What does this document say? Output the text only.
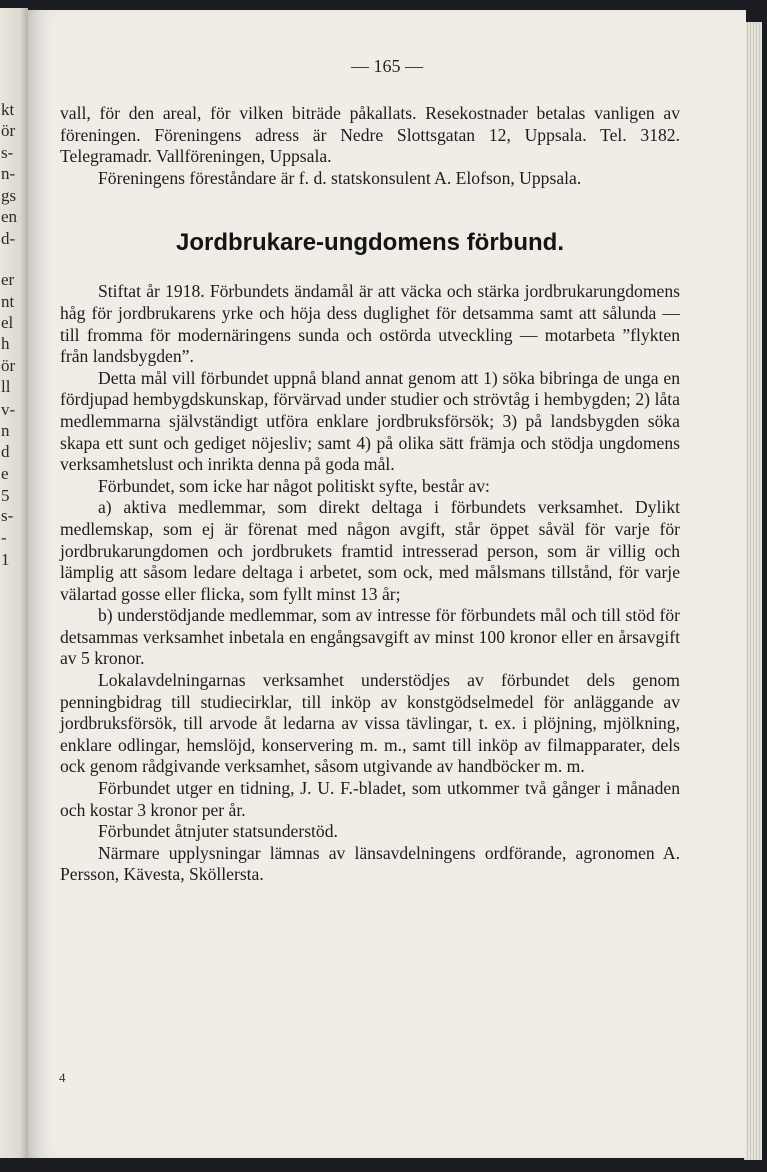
kt
ör
s-
n-
gs
en
d-
er
nt
el
h
ör
ll
v-
n
d
e
5
s-
-
1
— 165 —

vall, för den areal, för vilken biträde påkallats. Resekostnader betalas vanligen av föreningen. Föreningens adress är Nedre Slottsgatan 12, Uppsala. Tel. 3182. Telegramadr. Vallföreningen, Uppsala.

Föreningens föreståndare är f. d. statskonsulent A. Elofson, Uppsala.

Jordbrukare-ungdomens förbund.

Stiftat år 1918. Förbundets ändamål är att väcka och stärka jordbrukarungdomens håg för jordbrukarens yrke och höja dess duglighet för detsamma samt att sålunda — till fromma för modernäringens sunda och ostörda utveckling — motarbeta ”flykten från landsbygden”.

Detta mål vill förbundet uppnå bland annat genom att 1) söka bibringa de unga en fördjupad hembygdskunskap, förvärvad under studier och strövtåg i hembygden; 2) låta medlemmarna självständigt utföra enklare jordbruksförsök; 3) på landsbygden söka skapa ett sunt och gediget nöjesliv; samt 4) på olika sätt främja och stödja ungdomens verksamhetslust och inrikta denna på goda mål.

Förbundet, som icke har något politiskt syfte, består av:

a) aktiva medlemmar, som direkt deltaga i förbundets verksamhet. Dylikt medlemskap, som ej är förenat med någon avgift, står öppet såväl för varje för jordbrukarungdomen och jordbrukets framtid intresserad person, som är villig och lämplig att såsom ledare deltaga i arbetet, som ock, med målsmans tillstånd, för varje välartad gosse eller flicka, som fyllt minst 13 år;

b) understödjande medlemmar, som av intresse för förbundets mål och till stöd för detsammas verksamhet inbetala en engångsavgift av minst 100 kronor eller en årsavgift av 5 kronor.

Lokalavdelningarnas verksamhet understödjes av förbundet dels genom penningbidrag till studiecirklar, till inköp av konstgödselmedel för anläggande av jordbruksförsök, till arvode åt ledarna av vissa tävlingar, t. ex. i plöjning, mjölkning, enklare odlingar, hemslöjd, konservering m. m., samt till inköp av filmapparater, dels ock genom rådgivande verksamhet, såsom utgivande av handböcker m. m.

Förbundet utger en tidning, J. U. F.-bladet, som utkommer två gånger i månaden och kostar 3 kronor per år.

Förbundet åtnjuter statsunderstöd.

Närmare upplysningar lämnas av länsavdelningens ordförande, agronomen A. Persson, Kävesta, Sköllersta.

4
